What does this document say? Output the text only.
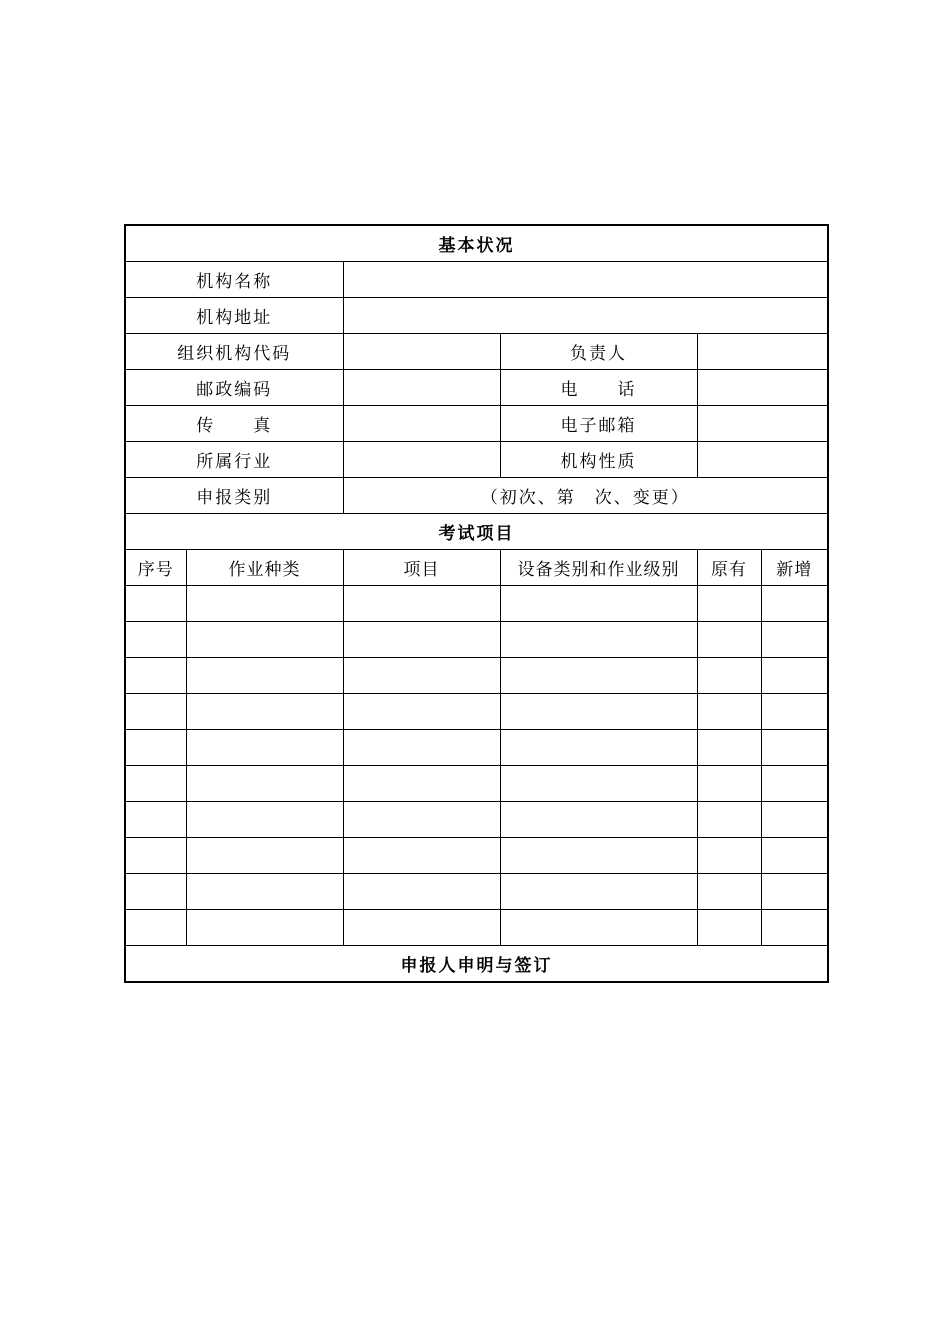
基本状况					
机构名称					
机构地址					
组织机构代码			负责人		
邮政编码			电　　话		
传　　真			电子邮箱		
所属行业			机构性质		
申报类别		（初次、第　次、变更）			
考试项目					
序号	作业种类	项目	设备类别和作业级别	原有	新增

申报人申明与签订					
